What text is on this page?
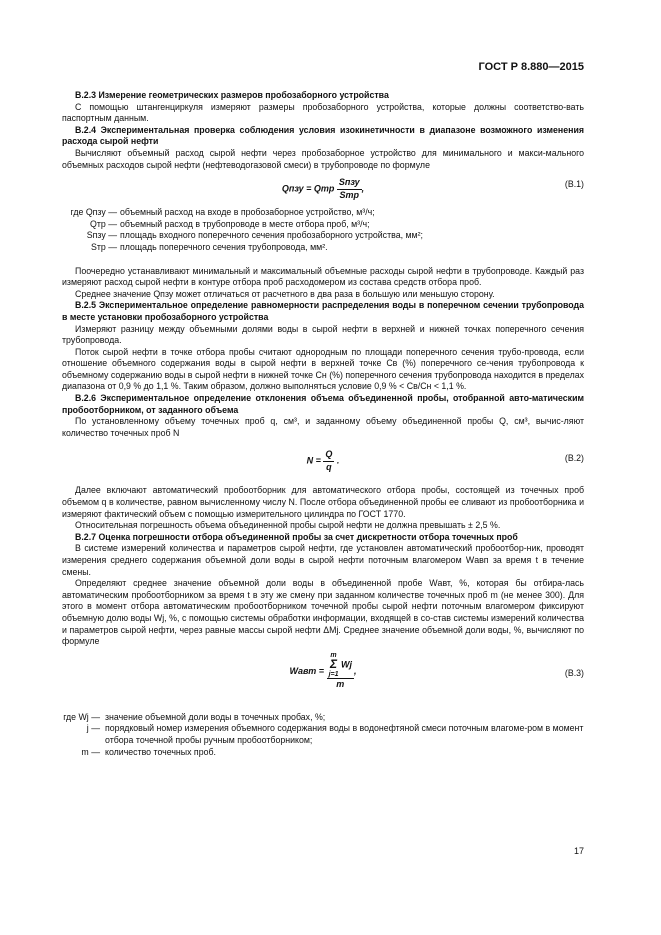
ГОСТ Р 8.880—2015

В.2.3 Измерение геометрических размеров пробозаборного устройства

С помощью штангенциркуля измеряют размеры пробозаборного устройства, которые должны соответство-вать паспортным данным.

В.2.4 Экспериментальная проверка соблюдения условия изокинетичности в диапазоне возможного изменения расхода сырой нефти

Вычисляют объемный расход сырой нефти через пробозаборное устройство для минимального и макси-мального объемных расходов сырой нефти (нефтеводогазовой смеси) в трубопроводе по формуле

Qпзу = Qтр $\frac{\text{Sпзу}}{\text{Sтр}}$ ,	(В.1)
где Qпзу — объемный расход на входе в пробозаборное устройство, м³/ч;
Qтр — объемный расход в трубопроводе в месте отбора проб, м³/ч;
Sпзу — площадь входного поперечного сечения пробозаборного устройства, мм²;
Sтр — площадь поперечного сечения трубопровода, мм².

Поочередно устанавливают минимальный и максимальный объемные расходы сырой нефти в трубопроводе. Каждый раз измеряют расход сырой нефти в контуре отбора проб расходомером из состава средств отбора проб.

Среднее значение Qпзу может отличаться от расчетного в два раза в большую или меньшую сторону.

В.2.5 Экспериментальное определение равномерности распределения воды в поперечном сечении трубопровода в месте установки пробозаборного устройства

Измеряют разницу между объемными долями воды в сырой нефти в верхней и нижней точках поперечного сечения трубопровода.

Поток сырой нефти в точке отбора пробы считают однородным по площади поперечного сечения трубо-провода, если отношение объемного содержания воды в сырой нефти в верхней точке Св (%) поперечного се-чения трубопровода к объемному содержанию воды в сырой нефти в нижней точке Сн (%) поперечного сечения трубопровода находится в пределах диапазона от 0,9 % до 1,1 %. Таким образом, должно выполняться условие 0,9 % < Св/Сн < 1,1 %.

В.2.6 Экспериментальное определение отклонения объема объединенной пробы, отобранной авто-матическим пробоотборником, от заданного объема

По установленному объему точечных проб q, см³, и заданному объему объединенной пробы Q, см³, вычис-ляют количество точечных проб N

$N = \frac{Q}{q}$ .	(В.2)

Далее включают автоматический пробоотборник для автоматического отбора пробы, состоящей из точечных проб объемом q в количестве, равном вычисленному числу N. После отбора объединенной пробы ее сливают из пробоотборника и измеряют фактический объем с помощью измерительного цилиндра по ГОСТ 1770.

Относительная погрешность объема объединенной пробы сырой нефти не должна превышать ± 2,5 %.

В.2.7 Оценка погрешности отбора объединенной пробы за счет дискретности отбора точечных проб

В системе измерений количества и параметров сырой нефти, где установлен автоматический пробоотбор-ник, проводят измерения среднего содержания объемной доли воды в сырой нефти поточным влагомером Wавп за время t в течение смены.

Определяют среднее значение объемной доли воды в объединенной пробе Wавт, %, которая бы отбира-лась автоматическим пробоотборником за время t в эту же смену при заданном количестве точечных проб m (не менее 300). Для этого в момент отбора автоматическим пробоотборником точечной пробы сырой нефти поточным влагомером фиксируют объемную долю воды Wj, %, с помощью системы обработки информации, входящей в со-став системы измерений количества и параметров сырой нефти, через равные массы сырой нефти ΔMj. Среднее значение объемной доли воды, %, вычисляют по формуле

Wавт =
m
Σ
j=1
Wj
m
,	(В.3)
где Wj — значение объемной доли воды в точечных пробах, %;
j — порядковый номер измерения объемного содержания воды в водонефтяной смеси поточным влагоме-ром в момент отбора точечной пробы ручным пробоотборником;
m — количество точечных проб.
17
